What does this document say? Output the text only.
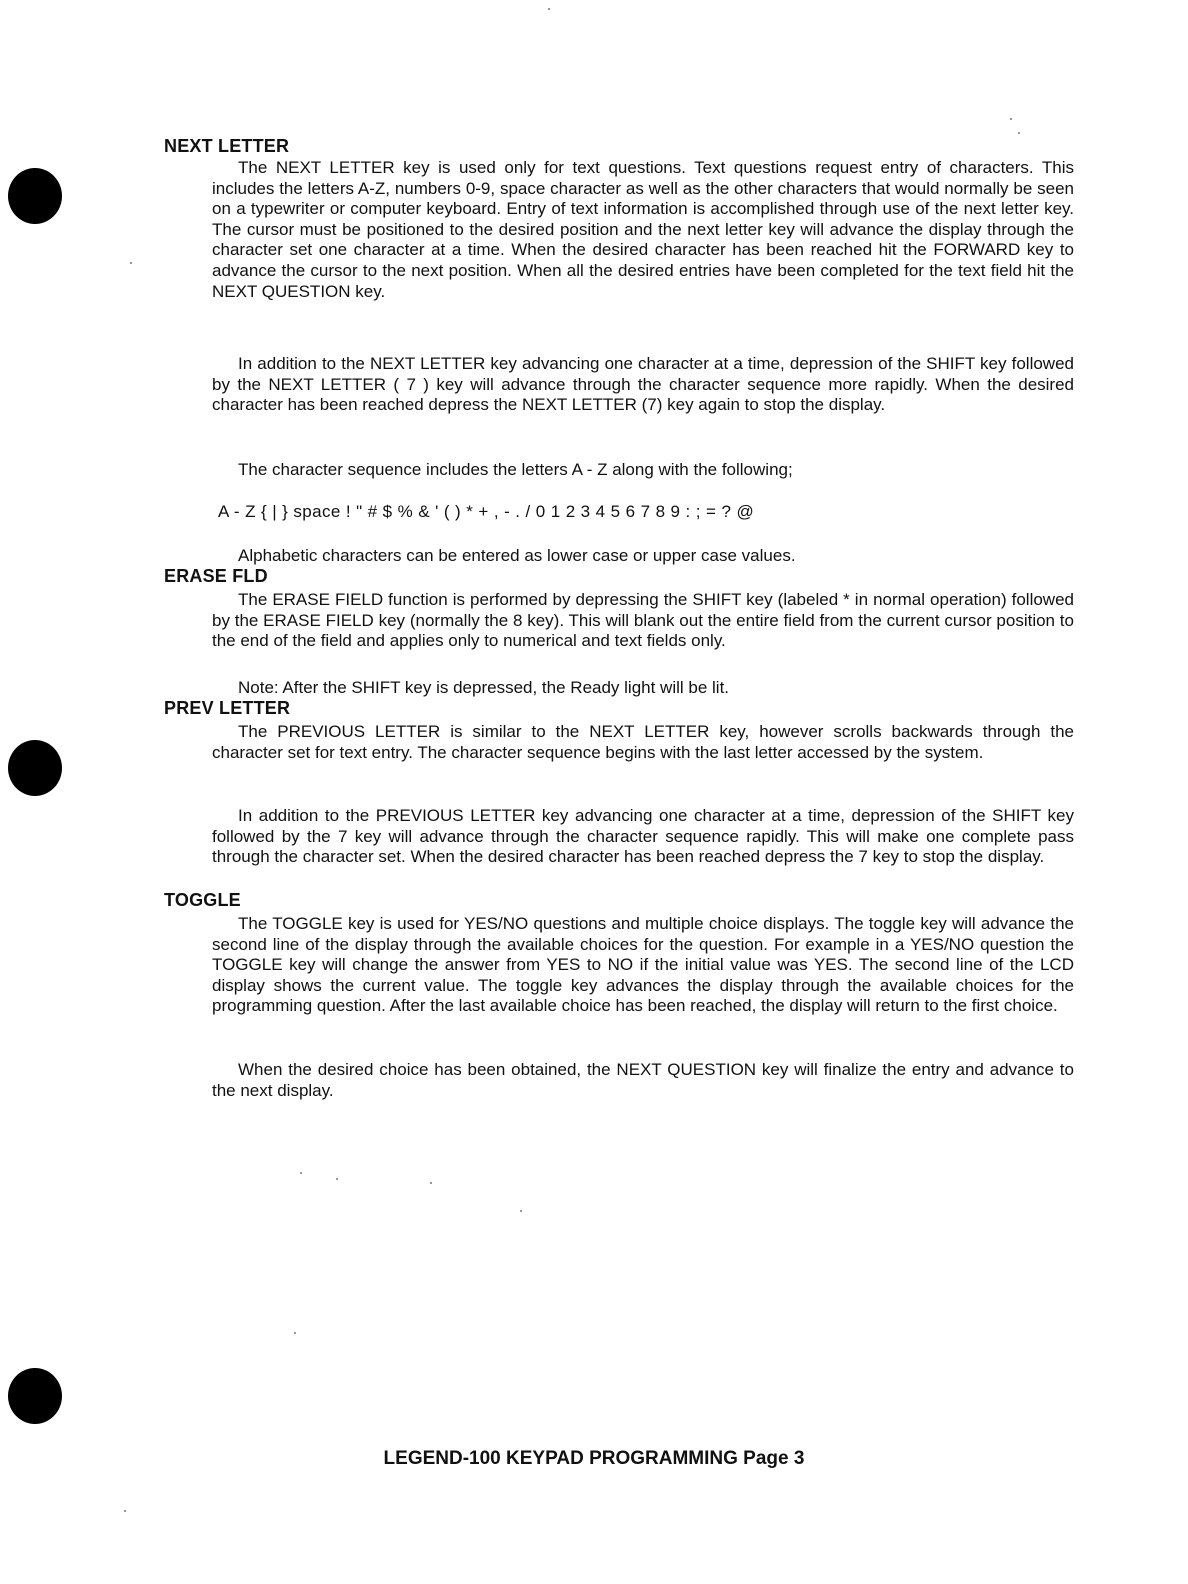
NEXT LETTER

The NEXT LETTER key is used only for text questions. Text questions request entry of characters. This includes the letters A-Z, numbers 0-9, space character as well as the other characters that would normally be seen on a typewriter or computer keyboard. Entry of text information is accomplished through use of the next letter key. The cursor must be positioned to the desired position and the next letter key will advance the display through the character set one character at a time. When the desired character has been reached hit the FORWARD key to advance the cursor to the next position. When all the desired entries have been completed for the text field hit the NEXT QUESTION key.

In addition to the NEXT LETTER key advancing one character at a time, depression of the SHIFT key followed by the NEXT LETTER ( 7 ) key will advance through the character sequence more rapidly. When the desired character has been reached depress the NEXT LETTER (7) key again to stop the display.

The character sequence includes the letters A - Z along with the following;

A - Z { | } space ! " # $ % & ' ( ) * + , - . / 0 1 2 3 4 5 6 7 8 9 : ; = ? @

Alphabetic characters can be entered as lower case or upper case values.

ERASE FLD

The ERASE FIELD function is performed by depressing the SHIFT key (labeled * in normal operation) followed by the ERASE FIELD key (normally the 8 key). This will blank out the entire field from the current cursor position to the end of the field and applies only to numerical and text fields only.

Note: After the SHIFT key is depressed, the Ready light will be lit.

PREV LETTER

The PREVIOUS LETTER is similar to the NEXT LETTER key, however scrolls backwards through the character set for text entry. The character sequence begins with the last letter accessed by the system.

In addition to the PREVIOUS LETTER key advancing one character at a time, depression of the SHIFT key followed by the 7 key will advance through the character sequence rapidly. This will make one complete pass through the character set. When the desired character has been reached depress the 7 key to stop the display.

TOGGLE

The TOGGLE key is used for YES/NO questions and multiple choice displays. The toggle key will advance the second line of the display through the available choices for the question. For example in a YES/NO question the TOGGLE key will change the answer from YES to NO if the initial value was YES. The second line of the LCD display shows the current value. The toggle key advances the display through the available choices for the programming question. After the last available choice has been reached, the display will return to the first choice.

When the desired choice has been obtained, the NEXT QUESTION key will finalize the entry and advance to the next display.

LEGEND-100 KEYPAD PROGRAMMING Page 3
